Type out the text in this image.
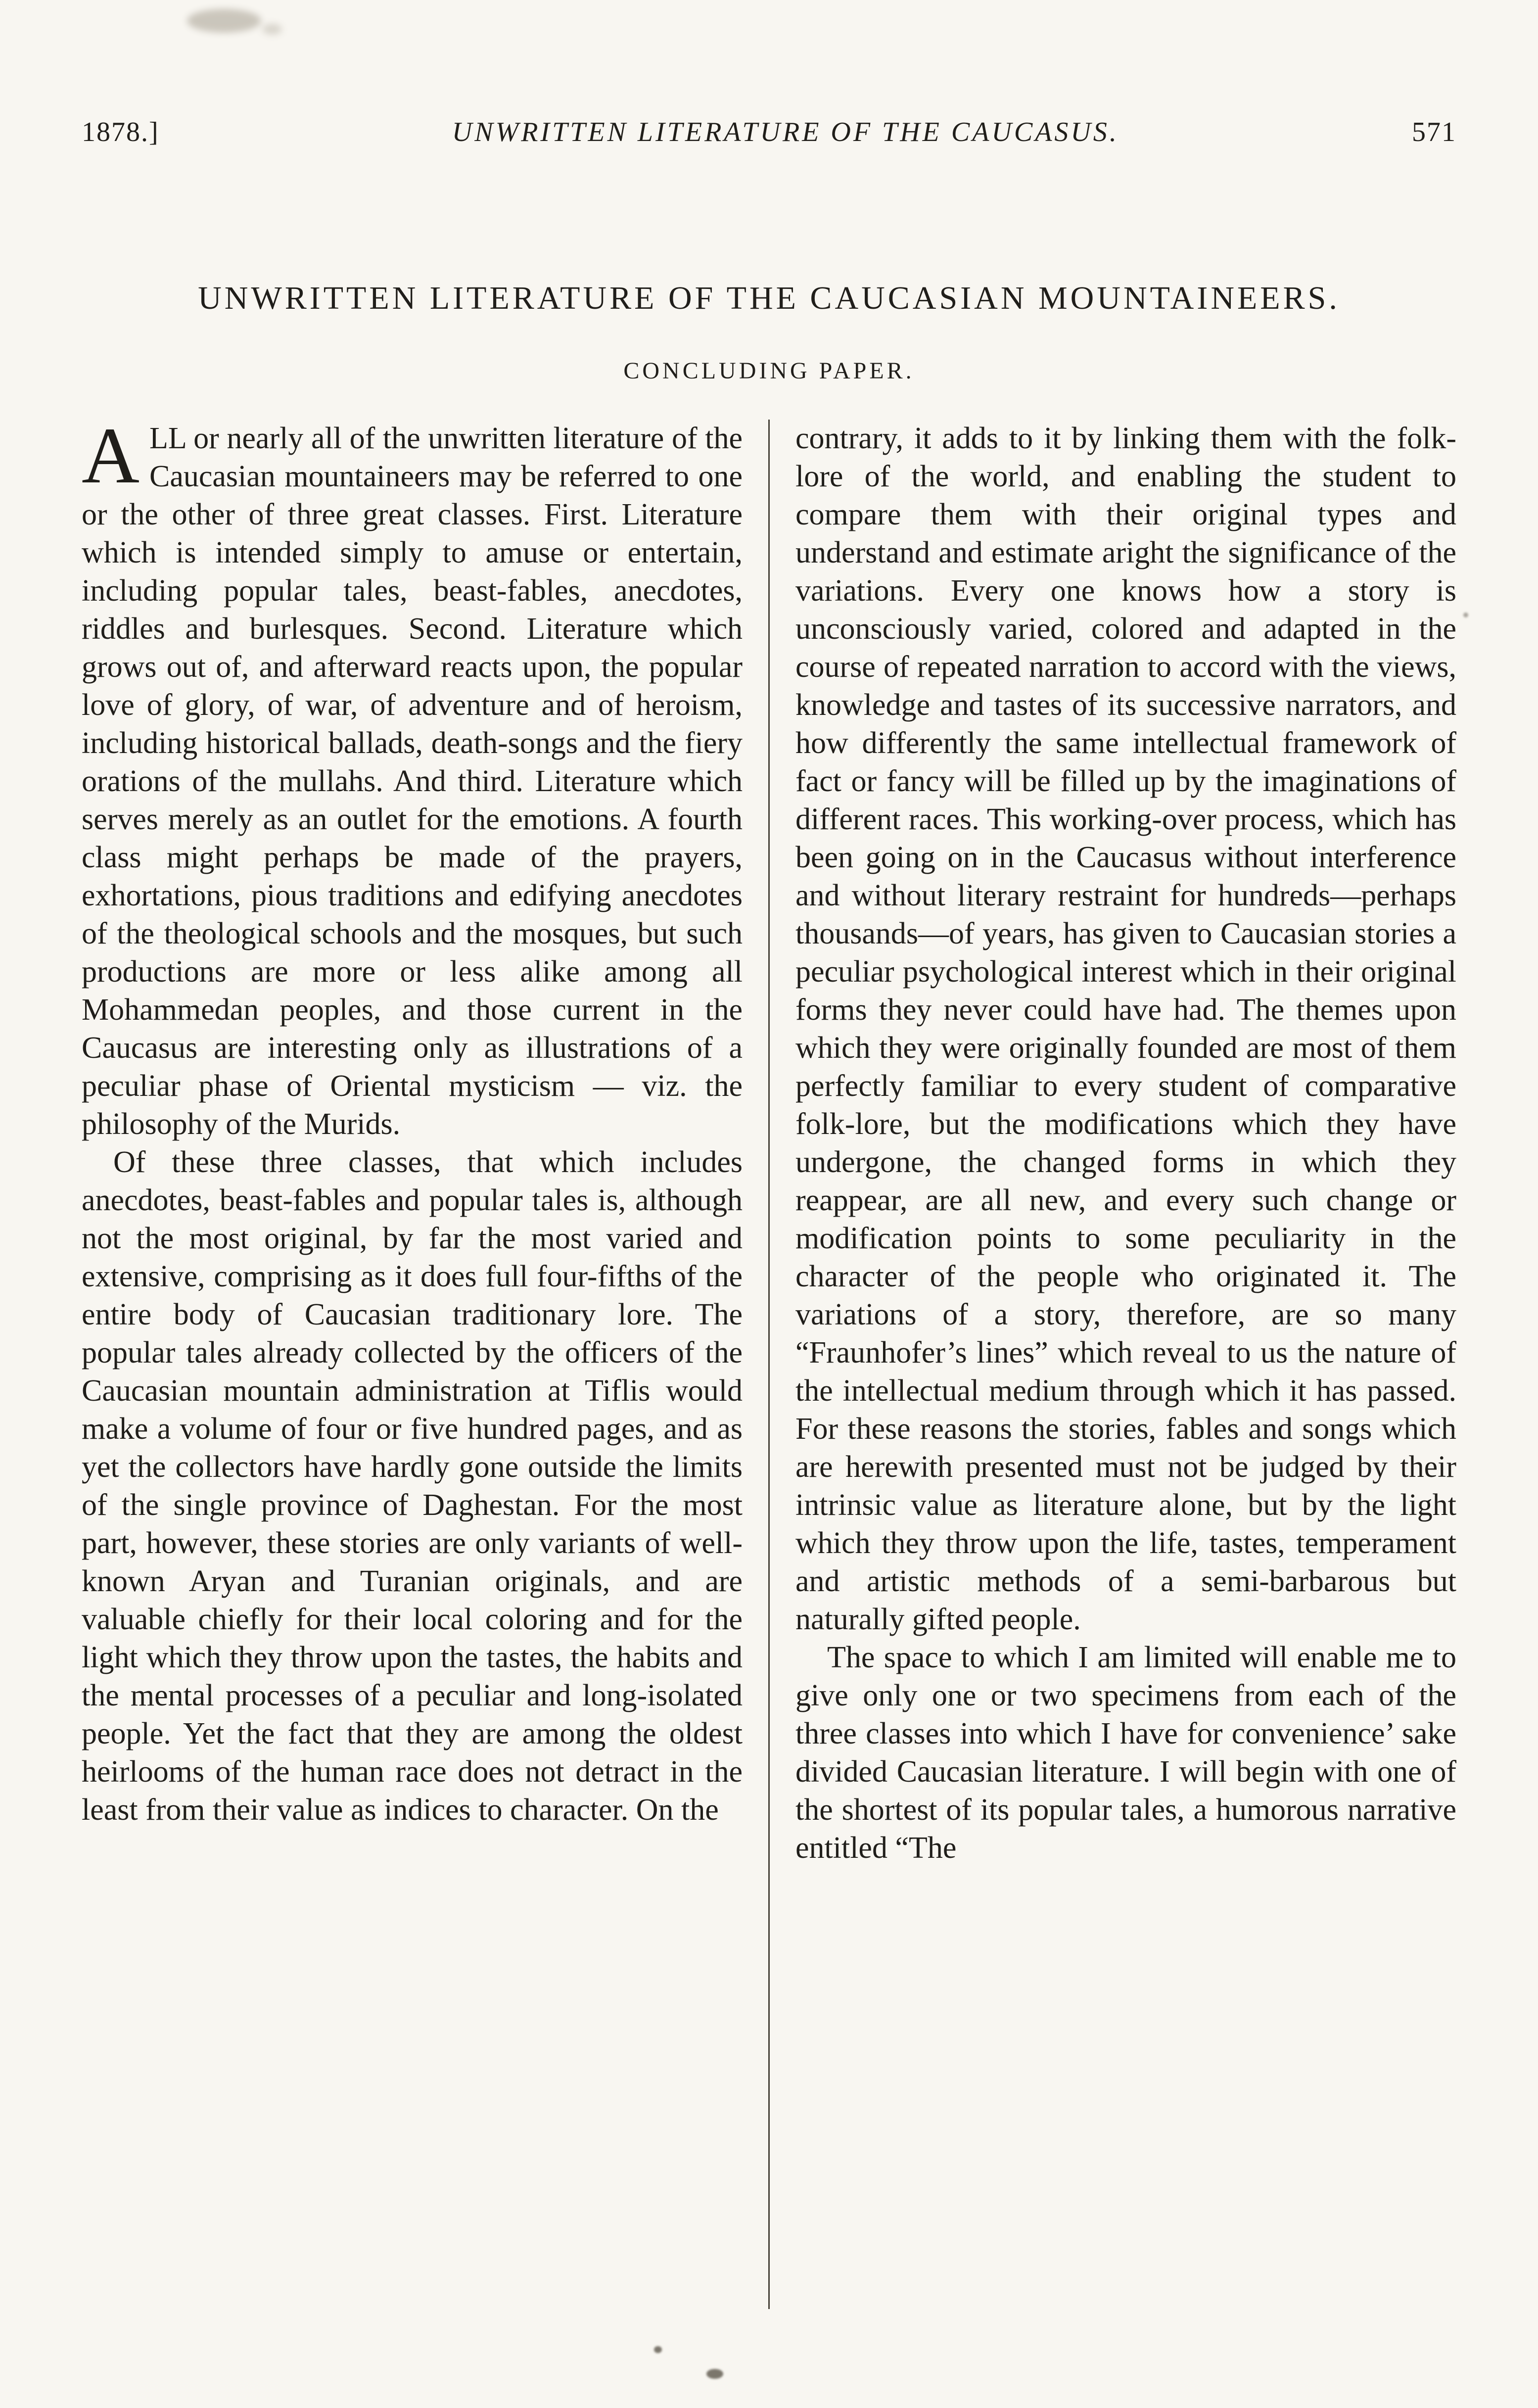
1878.]	UNWRITTEN LITERATURE OF THE CAUCASUS.	571
UNWRITTEN LITERATURE OF THE CAUCASIAN MOUNTAINEERS.
CONCLUDING PAPER.

ALL or nearly all of the unwritten literature of the Caucasian mountaineers may be referred to one or the other of three great classes. First. Literature which is intended simply to amuse or entertain, including popular tales, beast-fables, anecdotes, riddles and burlesques. Second. Literature which grows out of, and afterward reacts upon, the popular love of glory, of war, of adventure and of heroism, including historical ballads, death-songs and the fiery orations of the mullahs. And third. Literature which serves merely as an outlet for the emotions. A fourth class might perhaps be made of the prayers, exhortations, pious traditions and edifying anecdotes of the theological schools and the mosques, but such productions are more or less alike among all Mohammedan peoples, and those current in the Caucasus are interesting only as illustrations of a peculiar phase of Oriental mysticism — viz. the philosophy of the Murids.

Of these three classes, that which includes anecdotes, beast-fables and popular tales is, although not the most original, by far the most varied and extensive, comprising as it does full four-fifths of the entire body of Caucasian traditionary lore. The popular tales already collected by the officers of the Caucasian mountain administration at Tiflis would make a volume of four or five hundred pages, and as yet the collectors have hardly gone outside the limits of the single province of Daghestan. For the most part, however, these stories are only variants of well-known Aryan and Turanian originals, and are valuable chiefly for their local coloring and for the light which they throw upon the tastes, the habits and the mental processes of a peculiar and long-isolated people. Yet the fact that they are among the oldest heirlooms of the human race does not detract in the least from their value as indices to character. On the

contrary, it adds to it by linking them with the folk-lore of the world, and enabling the student to compare them with their original types and understand and estimate aright the significance of the variations. Every one knows how a story is unconsciously varied, colored and adapted in the course of repeated narration to accord with the views, knowledge and tastes of its successive narrators, and how differently the same intellectual framework of fact or fancy will be filled up by the imaginations of different races. This working-over process, which has been going on in the Caucasus without interference and without literary restraint for hundreds—perhaps thousands—of years, has given to Caucasian stories a peculiar psychological interest which in their original forms they never could have had. The themes upon which they were originally founded are most of them perfectly familiar to every student of comparative folk-lore, but the modifications which they have undergone, the changed forms in which they reappear, are all new, and every such change or modification points to some peculiarity in the character of the people who originated it. The variations of a story, therefore, are so many “Fraunhofer’s lines” which reveal to us the nature of the intellectual medium through which it has passed. For these reasons the stories, fables and songs which are herewith presented must not be judged by their intrinsic value as literature alone, but by the light which they throw upon the life, tastes, temperament and artistic methods of a semi-barbarous but naturally gifted people.

The space to which I am limited will enable me to give only one or two specimens from each of the three classes into which I have for convenience’ sake divided Caucasian literature. I will begin with one of the shortest of its popular tales, a humorous narrative entitled “The
